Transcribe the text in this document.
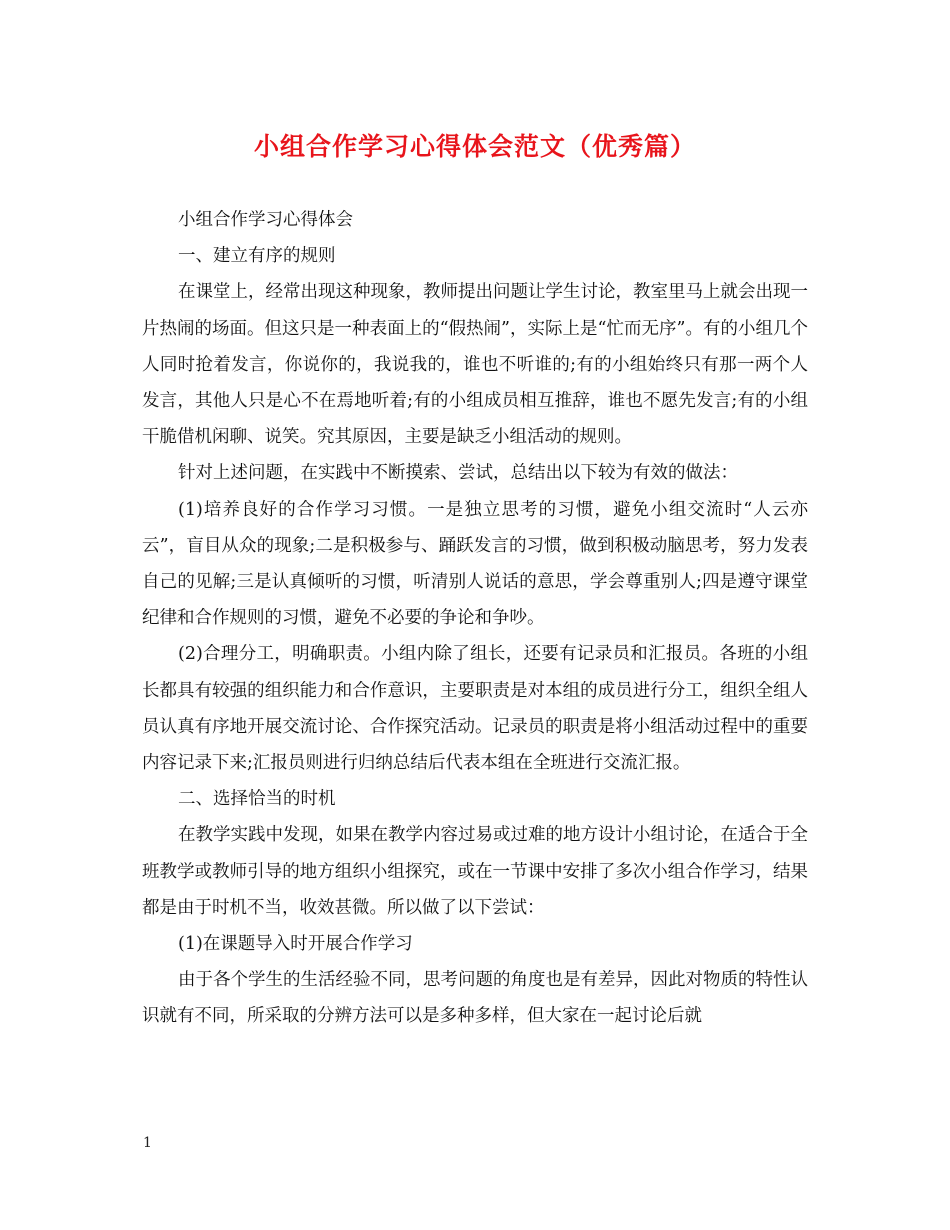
小组合作学习心得体会范文（优秀篇）

小组合作学习心得体会

一、建立有序的规则

在课堂上，经常出现这种现象，教师提出问题让学生讨论，教室里马上就会出现一片热闹的场面。但这只是一种表面上的“假热闹”，实际上是“忙而无序”。有的小组几个人同时抢着发言，你说你的，我说我的，谁也不听谁的;有的小组始终只有那一两个人发言，其他人只是心不在焉地听着;有的小组成员相互推辞，谁也不愿先发言;有的小组干脆借机闲聊、说笑。究其原因，主要是缺乏小组活动的规则。

针对上述问题，在实践中不断摸索、尝试，总结出以下较为有效的做法：

(1)培养良好的合作学习习惯。一是独立思考的习惯，避免小组交流时“人云亦云”，盲目从众的现象;二是积极参与、踊跃发言的习惯，做到积极动脑思考，努力发表自己的见解;三是认真倾听的习惯，听清别人说话的意思，学会尊重别人;四是遵守课堂纪律和合作规则的习惯，避免不必要的争论和争吵。

(2)合理分工，明确职责。小组内除了组长，还要有记录员和汇报员。各班的小组长都具有较强的组织能力和合作意识，主要职责是对本组的成员进行分工，组织全组人员认真有序地开展交流讨论、合作探究活动。记录员的职责是将小组活动过程中的重要内容记录下来;汇报员则进行归纳总结后代表本组在全班进行交流汇报。

二、选择恰当的时机

在教学实践中发现，如果在教学内容过易或过难的地方设计小组讨论，在适合于全班教学或教师引导的地方组织小组探究，或在一节课中安排了多次小组合作学习，结果都是由于时机不当，收效甚微。所以做了以下尝试：

(1)在课题导入时开展合作学习

由于各个学生的生活经验不同，思考问题的角度也是有差异，因此对物质的特性认识就有不同，所采取的分辨方法可以是多种多样，但大家在一起讨论后就

1
